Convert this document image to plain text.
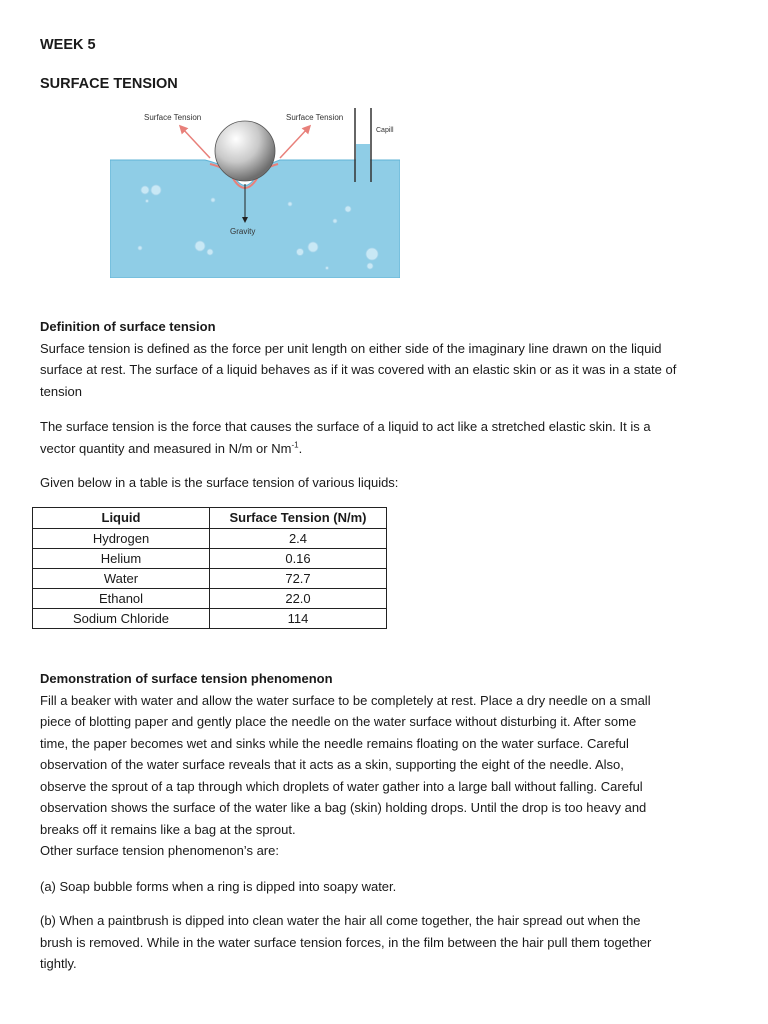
WEEK 5
SURFACE TENSION
Surface Tension	Surface Tension
Capill
Gravity

Definition of surface tension

Surface tension is defined as the force per unit length on either side of the imaginary line drawn on the liquid

surface at rest. The surface of a liquid behaves as if it was covered with an elastic skin or as it was in a state of

tension

The surface tension is the force that causes the surface of a liquid to act like a stretched elastic skin. It is a

vector quantity and measured in N/m or $Nm^{-1}$.

Given below in a table is the surface tension of various liquids:

Liquid	Surface Tension (N/m)
Hydrogen	2.4
Helium	0.16
Water	72.7
Ethanol	22.0
Sodium Chloride	114

Demonstration of surface tension phenomenon

Fill a beaker with water and allow the water surface to be completely at rest. Place a dry needle on a small

piece of blotting paper and gently place the needle on the water surface without disturbing it. After some

time, the paper becomes wet and sinks while the needle remains floating on the water surface. Careful

observation of the water surface reveals that it acts as a skin, supporting the eight of the needle. Also,

observe the sprout of a tap through which droplets of water gather into a large ball without falling. Careful

observation shows the surface of the water like a bag (skin) holding drops. Until the drop is too heavy and

breaks off it remains like a bag at the sprout.

Other surface tension phenomenon’s are:

(a) Soap bubble forms when a ring is dipped into soapy water.

(b) When a paintbrush is dipped into clean water the hair all come together, the hair spread out when the

brush is removed. While in the water surface tension forces, in the film between the hair pull them together

tightly.
